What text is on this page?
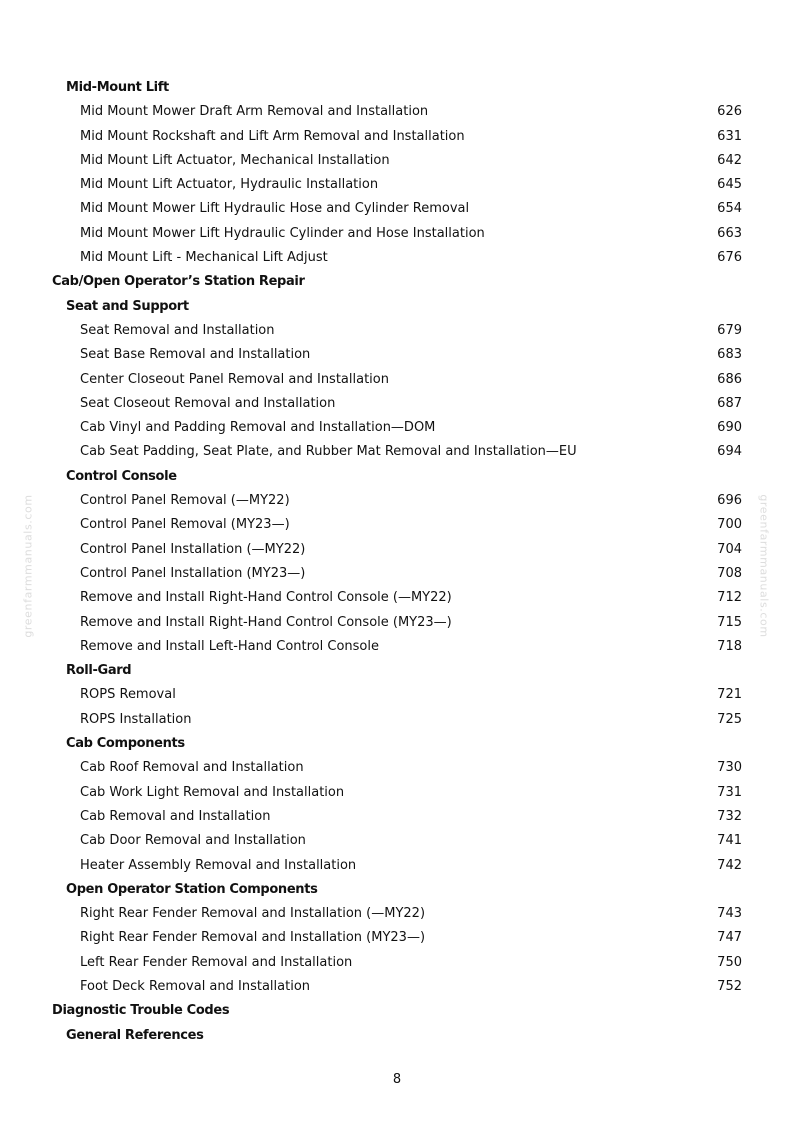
Mid-Mount Lift
Mid Mount Mower Draft Arm Removal and Installation	626
Mid Mount Rockshaft and Lift Arm Removal and Installation	631
Mid Mount Lift Actuator, Mechanical Installation	642
Mid Mount Lift Actuator, Hydraulic Installation	645
Mid Mount Mower Lift Hydraulic Hose and Cylinder Removal	654
Mid Mount Mower Lift Hydraulic Cylinder and Hose Installation	663
Mid Mount Lift - Mechanical Lift Adjust	676
Cab/Open Operator’s Station Repair
Seat and Support
Seat Removal and Installation	679
Seat Base Removal and Installation	683
Center Closeout Panel Removal and Installation	686
Seat Closeout Removal and Installation	687
Cab Vinyl and Padding Removal and Installation—DOM	690
Cab Seat Padding, Seat Plate, and Rubber Mat Removal and Installation—EU	694
Control Console
Control Panel Removal (—MY22)	696
Control Panel Removal (MY23—)	700
Control Panel Installation (—MY22)	704
Control Panel Installation (MY23—)	708
Remove and Install Right-Hand Control Console (—MY22)	712
Remove and Install Right-Hand Control Console (MY23—)	715
Remove and Install Left-Hand Control Console	718
Roll-Gard
ROPS Removal	721
ROPS Installation	725
Cab Components
Cab Roof Removal and Installation	730
Cab Work Light Removal and Installation	731
Cab Removal and Installation	732
Cab Door Removal and Installation	741
Heater Assembly Removal and Installation	742
Open Operator Station Components
Right Rear Fender Removal and Installation (—MY22)	743
Right Rear Fender Removal and Installation (MY23—)	747
Left Rear Fender Removal and Installation	750
Foot Deck Removal and Installation	752
Diagnostic Trouble Codes
General References
greenfarmmanuals.com	greenfarmmanuals.com
8
